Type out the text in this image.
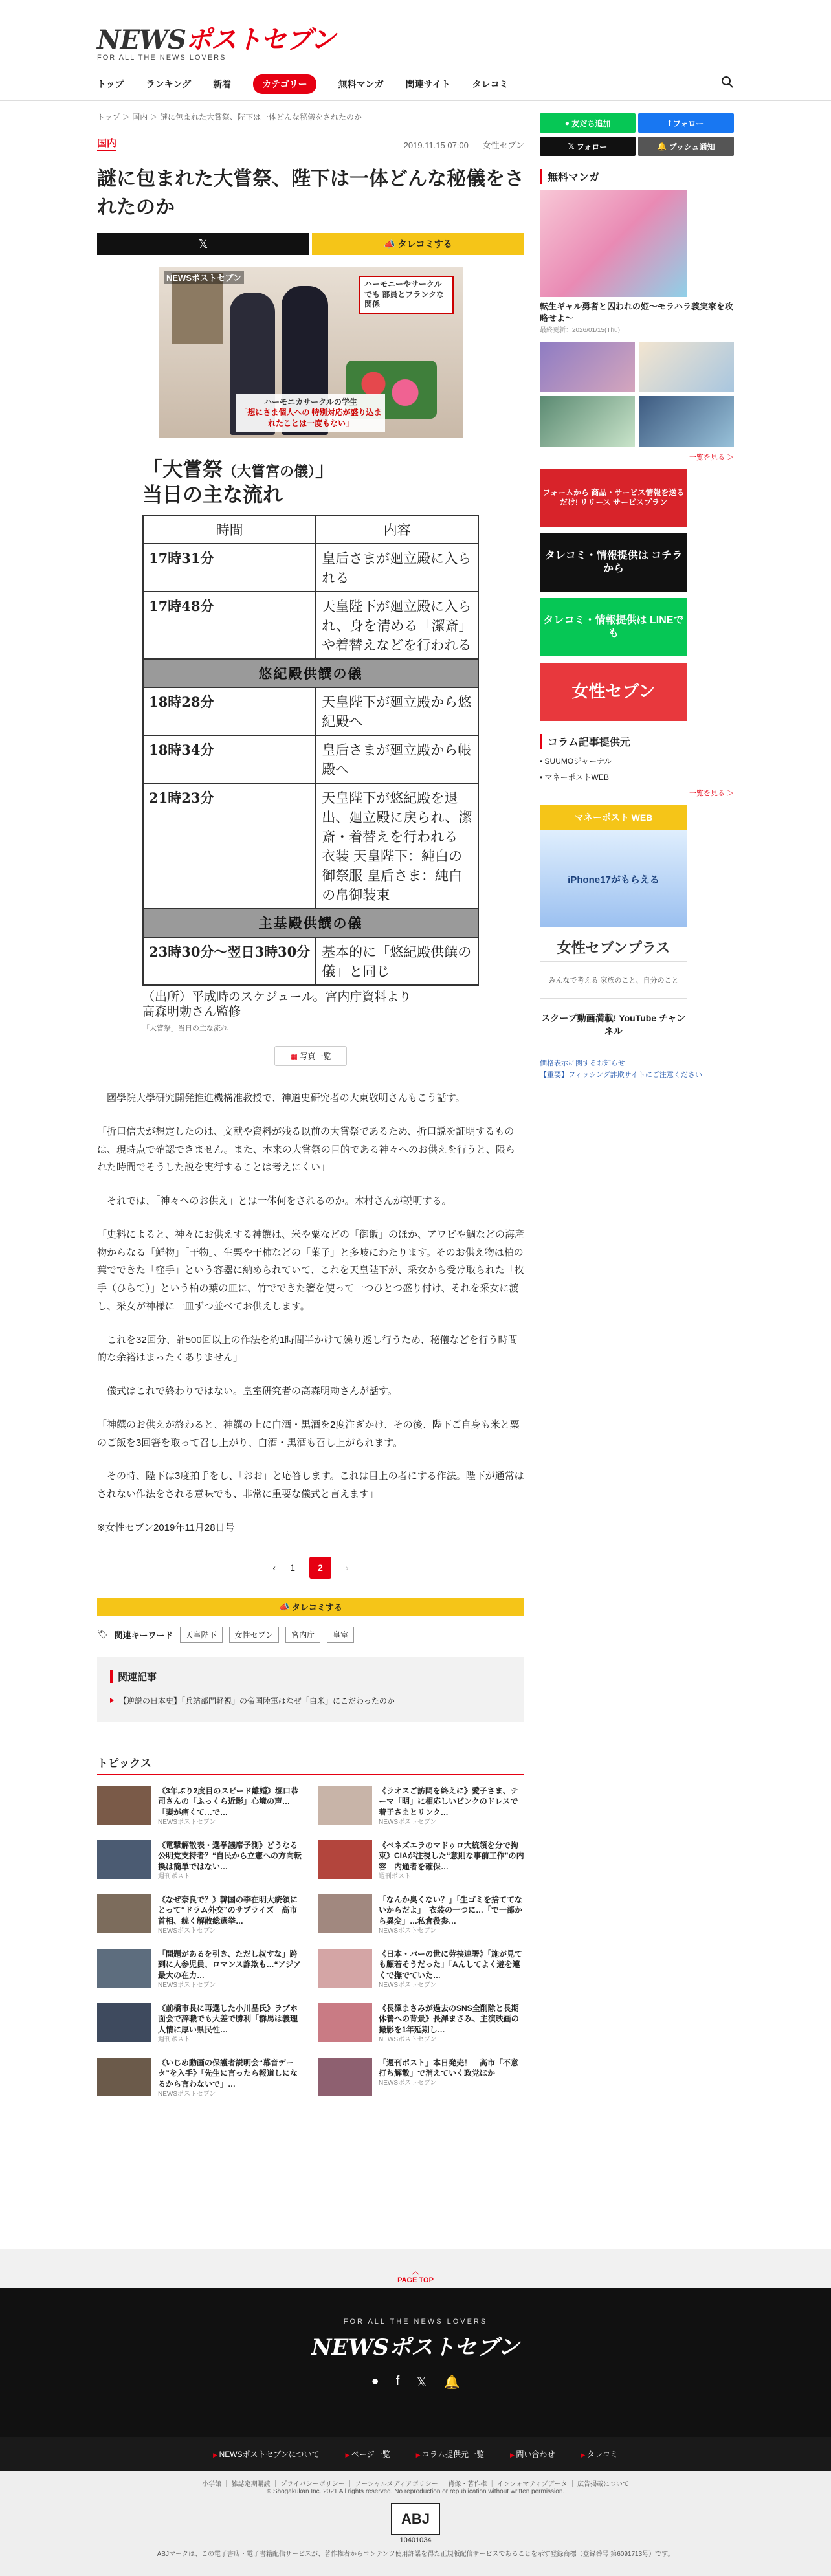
NEWSポストセブン
FOR ALL THE NEWS LOVERS
トップ ランキング 新着	カテゴリー	無料マンガ 関連サイト タレコミ
トップ ＞ 国内 ＞ 謎に包まれた大嘗祭、陛下は一体どんな秘儀をされたのか
国内	2019.11.15 07:00 女性セブン
謎に包まれた大嘗祭、陛下は一体どんな秘儀をされたのか
𝕏	📣 タレコミする
NEWSポストセブン
ハーモニーやサークルでも 部員とフランクな関係
ハーモニカサークルの学生
「想にさま個人への 特別対応が盛り込まれたことは一度もない」
「大嘗祭（大嘗宮の儀）」
当日の主な流れ
時間	内容
17時31分	皇后さまが廻立殿に入られる
17時48分	天皇陛下が廻立殿に入られ、身を清める「潔斎」や着替えなどを行われる
悠紀殿供饌の儀	
18時28分	天皇陛下が廻立殿から悠紀殿へ
18時34分	皇后さまが廻立殿から帳殿へ
21時23分	天皇陛下が悠紀殿を退出、廻立殿に戻られ、潔斎・着替えを行われる 衣装 天皇陛下：純白の御祭服 皇后さま：純白の帛御装束
主基殿供饌の儀	
23時30分〜翌日3時30分	基本的に「悠紀殿供饌の儀」と同じ
（出所）平成時のスケジュール。宮内庁資料より
高森明勅さん監修
「大嘗祭」当日の主な流れ
▦ 写真一覧

　國學院大學研究開発推進機構准教授で、神道史研究者の大東敬明さんもこう話す。

「折口信夫が想定したのは、文献や資料が残る以前の大嘗祭であるため、折口説を証明するものは、現時点で確認できません。また、本来の大嘗祭の目的である神々へのお供えを行うと、限られた時間でそうした説を実行することは考えにくい」

　それでは、「神々へのお供え」とは一体何をされるのか。木村さんが説明する。

「史料によると、神々にお供えする神饌は、米や粟などの「御飯」のほか、アワビや鯛などの海産物からなる「鮮物」「干物」、生栗や干柿などの「菓子」と多岐にわたります。そのお供え物は柏の葉でできた「窪手」という容器に納められていて、これを天皇陛下が、采女から受け取られた「枚手（ひらて）」という柏の葉の皿に、竹でできた箸を使って一つひとつ盛り付け、それを采女に渡し、采女が神様に一皿ずつ並べてお供えします。

　これを32回分、計500回以上の作法を約1時間半かけて繰り返し行うため、秘儀などを行う時間的な余裕はまったくありません」

　儀式はこれで終わりではない。皇室研究者の高森明勅さんが話す。

「神饌のお供えが終わると、神饌の上に白酒・黒酒を2度注ぎかけ、その後、陛下ご自身も米と粟のご飯を3回箸を取って召し上がり、白酒・黒酒も召し上がられます。

　その時、陛下は3度拍手をし、「おお」と応答します。これは目上の者にする作法。陛下が通常はされない作法をされる意味でも、非常に重要な儀式と言えます」

※女性セブン2019年11月28日号

‹ 1	2	›
📣 タレコミする
🏷 関連キーワード	天皇陛下	女性セブン	宮内庁	皇室
関連記事
【逆説の日本史】「兵站部門軽視」の帝国陸軍はなぜ「白米」にこだわったのか
トピックス
《3年ぶり2度目のスピード離婚》堀口恭司さんの「ふっくら近影」心境の声…「妻が痛くて…で…
NEWSポストセブン
《ラオスご訪問を終えに》愛子さま、テーマ「明」に相応しいピンクのドレスで着子さまとリンク…
NEWSポストセブン
《電撃解散表・選挙議席予測》どうなる公明党支持者？“自民から立憲への方向転換は簡単ではない…
週刊ポスト
《ベネズエラのマドゥロ大統領を分で拘束》CIAが注視した“意則な事前工作”の内容　内通者を確保…
週刊ポスト
《なぜ奈良で？》韓国の李在明大統領にとって“ドラム外交”のサプライズ　高市首相、続く解散総選挙…
NEWSポストセブン
「なんか臭くない？」「生ゴミを捨ててないからだよ」　衣装の一つに…「で一部から異変」…私倉役参…
NEWSポストセブン
「問題があるを引き、ただし叔すな」跨到に人参児員、ロマンス詐欺も…“アジア最大の在力…
NEWSポストセブン
《日本・パーの世に劳挟連署》「施が見ても顧若そうだった」「Aんしてよく遊を連くで撫でていた…
NEWSポストセブン
《前橋市長に再選した小川晶氏》ラブホ面会で辞職でも大差で勝利「群馬は義理人情に厚い県民性…
週刊ポスト
《長澤まさみが過去のSNS全削除と長期休養への背景》長澤まさみ、主演映画の撮影を1年延期し…
NEWSポストセブン
《いじめ動画の保護者説明会“幕音データ”を入手》「先生に言ったら報道しになるから言わないで」…
NEWSポストセブン
「週刊ポスト」本日発売！　高市「不意打ち解散」で消えていく政党ほか
NEWSポストセブン
● 友だち追加	f フォロー
𝕏 フォロー	🔔 プッシュ通知
無料マンガ
転生ギャル勇者と囚われの姫〜モラハラ義実家を攻略せよ〜
最終更新：2026/01/15(Thu)
一覧を見る ＞
フォームから 商品・サービス情報を送るだけ! リリース サービスプラン
タレコミ・情報提供は コチラ から
タレコミ・情報提供は LINEでも
女性セブン
コラム記事提供元
• SUUMOジャーナル
• マネーポストWEB
一覧を見る ＞
マネーポスト WEB
iPhone17がもらえる
女性セブンプラス
みんなで考える 家族のこと、自分のこと
スクープ動画満載! YouTube チャンネル
価格表示に関するお知らせ
【重要】フィッシング詐欺サイトにご注意ください
︿
PAGE TOP
FOR ALL THE NEWS LOVERS
NEWSポストセブン
● f 𝕏 🔔
▶ NEWSポストセブンについて	▶ ページ一覧	▶ コラム提供元一覧	▶ 問い合わせ	▶ タレコミ
小学館 ｜ 雑誌定期購読 ｜ プライバシーポリシー ｜ ソーシャルメディアポリシー ｜ 肖像・著作権 ｜ インフォマティブデータ ｜ 広告掲載について
© Shogakukan Inc. 2021 All rights reserved. No reproduction or republication without written permission.
ABJ
10401034
ABJマークは、この電子書店・電子書籍配信サービスが、著作権者からコンテンツ使用許諾を得た正規版配信サービスであることを示す登録商標（登録番号 第6091713号）です。
